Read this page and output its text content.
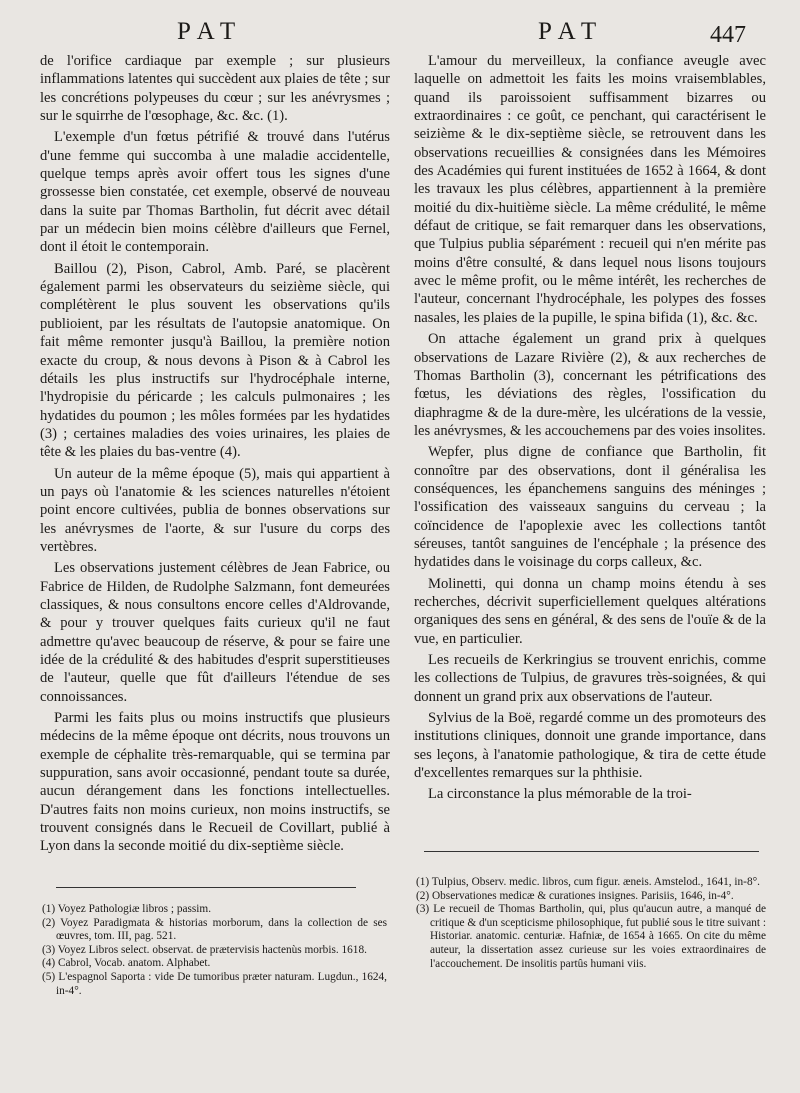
PAT	PAT	447

de l'orifice cardiaque par exemple ; sur plusieurs inflammations latentes qui succèdent aux plaies de tête ; sur les concrétions polypeuses du cœur ; sur les anévrysmes ; sur le squirrhe de l'œsophage, &c. &c. (1).

L'exemple d'un fœtus pétrifié & trouvé dans l'utérus d'une femme qui succomba à une maladie accidentelle, quelque temps après avoir offert tous les signes d'une grossesse bien constatée, cet exemple, observé de nouveau dans la suite par Thomas Bartholin, fut décrit avec détail par un médecin bien moins célèbre d'ailleurs que Fernel, dont il étoit le contemporain.

Baillou (2), Pison, Cabrol, Amb. Paré, se placèrent également parmi les observateurs du seizième siècle, qui complétèrent le plus souvent les observations qu'ils publioient, par les résultats de l'autopsie anatomique. On fait même remonter jusqu'à Baillou, la première notion exacte du croup, & nous devons à Pison & à Cabrol les détails les plus instructifs sur l'hydrocéphale interne, l'hydropisie du péricarde ; les calculs pulmonaires ; les hydatides du poumon ; les môles formées par les hydatides (3) ; certaines maladies des voies urinaires, les plaies de tête & les plaies du bas-ventre (4).

Un auteur de la même époque (5), mais qui appartient à un pays où l'anatomie & les sciences naturelles n'étoient point encore cultivées, publia de bonnes observations sur les anévrysmes de l'aorte, & sur l'usure du corps des vertèbres.

Les observations justement célèbres de Jean Fabrice, ou Fabrice de Hilden, de Rudolphe Salzmann, font demeurées classiques, & nous consultons encore celles d'Aldrovande, & pour y trouver quelques faits curieux qu'il ne faut admettre qu'avec beaucoup de réserve, & pour se faire une idée de la crédulité & des habitudes d'esprit superstitieuses de l'auteur, quelle que fût d'ailleurs l'étendue de ses connoissances.

Parmi les faits plus ou moins instructifs que plusieurs médecins de la même époque ont décrits, nous trouvons un exemple de céphalite très-remarquable, qui se termina par suppuration, sans avoir occasionné, pendant toute sa durée, aucun dérangement dans les fonctions intellectuelles. D'autres faits non moins curieux, non moins instructifs, se trouvent consignés dans le Recueil de Covillart, publié à Lyon dans la seconde moitié du dix-septième siècle.

L'amour du merveilleux, la confiance aveugle avec laquelle on admettoit les faits les moins vraisemblables, quand ils paroissoient suffisamment bizarres ou extraordinaires : ce goût, ce penchant, qui caractérisent le seizième & le dix-septième siècle, se retrouvent dans les observations recueillies & consignées dans les Mémoires des Académies qui furent instituées de 1652 à 1664, & dont les travaux les plus célèbres, appartiennent à la première moitié du dix-huitième siècle. La même crédulité, le même défaut de critique, se fait remarquer dans les observations, que Tulpius publia séparément : recueil qui n'en mérite pas moins d'être consulté, & dans lequel nous lisons toujours avec le même profit, ou le même intérêt, les recherches de l'auteur, concernant l'hydrocéphale, les polypes des fosses nasales, les plaies de la pupille, le spina bifida (1), &c. &c.

On attache également un grand prix à quelques observations de Lazare Rivière (2), & aux recherches de Thomas Bartholin (3), concernant les pétrifications des fœtus, les déviations des règles, l'ossification du diaphragme & de la dure-mère, les ulcérations de la vessie, les anévrysmes, & les accouchemens par des voies insolites.

Wepfer, plus digne de confiance que Bartholin, fit connoître par des observations, dont il généralisa les conséquences, les épanchemens sanguins des méninges ; l'ossification des vaisseaux sanguins du cerveau ; la coïncidence de l'apoplexie avec les collections tantôt séreuses, tantôt sanguines de l'encéphale ; la présence des hydatides dans le voisinage du corps calleux, &c.

Molinetti, qui donna un champ moins étendu à ses recherches, décrivit superficiellement quelques altérations organiques des sens en général, & des sens de l'ouïe & de la vue, en particulier.

Les recueils de Kerkringius se trouvent enrichis, comme les collections de Tulpius, de gravures très-soignées, & qui donnent un grand prix aux observations de l'auteur.

Sylvius de la Boë, regardé comme un des promoteurs des institutions cliniques, donnoit une grande importance, dans ses leçons, à l'anatomie pathologique, & tira de cette étude d'excellentes remarques sur la phthisie.

La circonstance la plus mémorable de la troi-

(1) Voyez Pathologiæ libros ; passim.
(2) Voyez Paradigmata & historias morborum, dans la collection de ses œuvres, tom. III, pag. 521.
(3) Voyez Libros select. observat. de prætervisis hactenùs morbis. 1618.
(4) Cabrol, Vocab. anatom. Alphabet.
(5) L'espagnol Saporta : vide De tumoribus præter naturam. Lugdun., 1624, in-4°.
(1) Tulpius, Observ. medic. libros, cum figur. æneis. Amstelod., 1641, in-8°.
(2) Observationes medicæ & curationes insignes. Parisiis, 1646, in-4°.
(3) Le recueil de Thomas Bartholin, qui, plus qu'aucun autre, a manqué de critique & d'un scepticisme philosophique, fut publié sous le titre suivant : Historiar. anatomic. centuriæ. Hafniæ, de 1654 à 1665. On cite du même auteur, la dissertation assez curieuse sur les voies extraordinaires de l'accouchement. De insolitis partûs humani viis.
